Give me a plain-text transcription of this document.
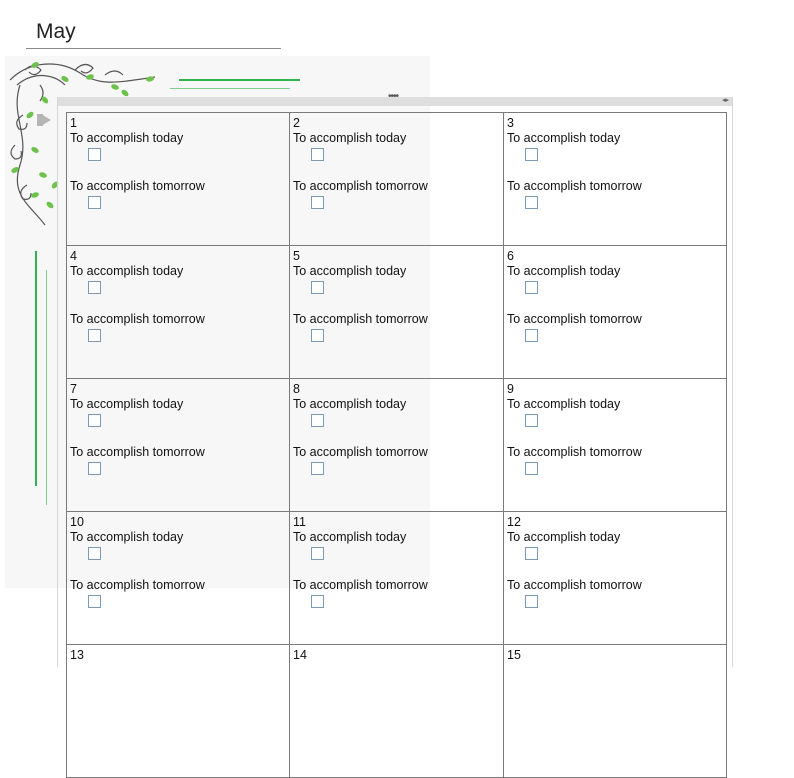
May
••••	◂▸
1
To accomplish today
To accomplish tomorrow	2
To accomplish today
To accomplish tomorrow	3
To accomplish today
To accomplish tomorrow

4
To accomplish today
To accomplish tomorrow	5
To accomplish today
To accomplish tomorrow	6
To accomplish today
To accomplish tomorrow

7
To accomplish today
To accomplish tomorrow	8
To accomplish today
To accomplish tomorrow	9
To accomplish today
To accomplish tomorrow

10
To accomplish today
To accomplish tomorrow	11
To accomplish today
To accomplish tomorrow	12
To accomplish today
To accomplish tomorrow

13	14	15
